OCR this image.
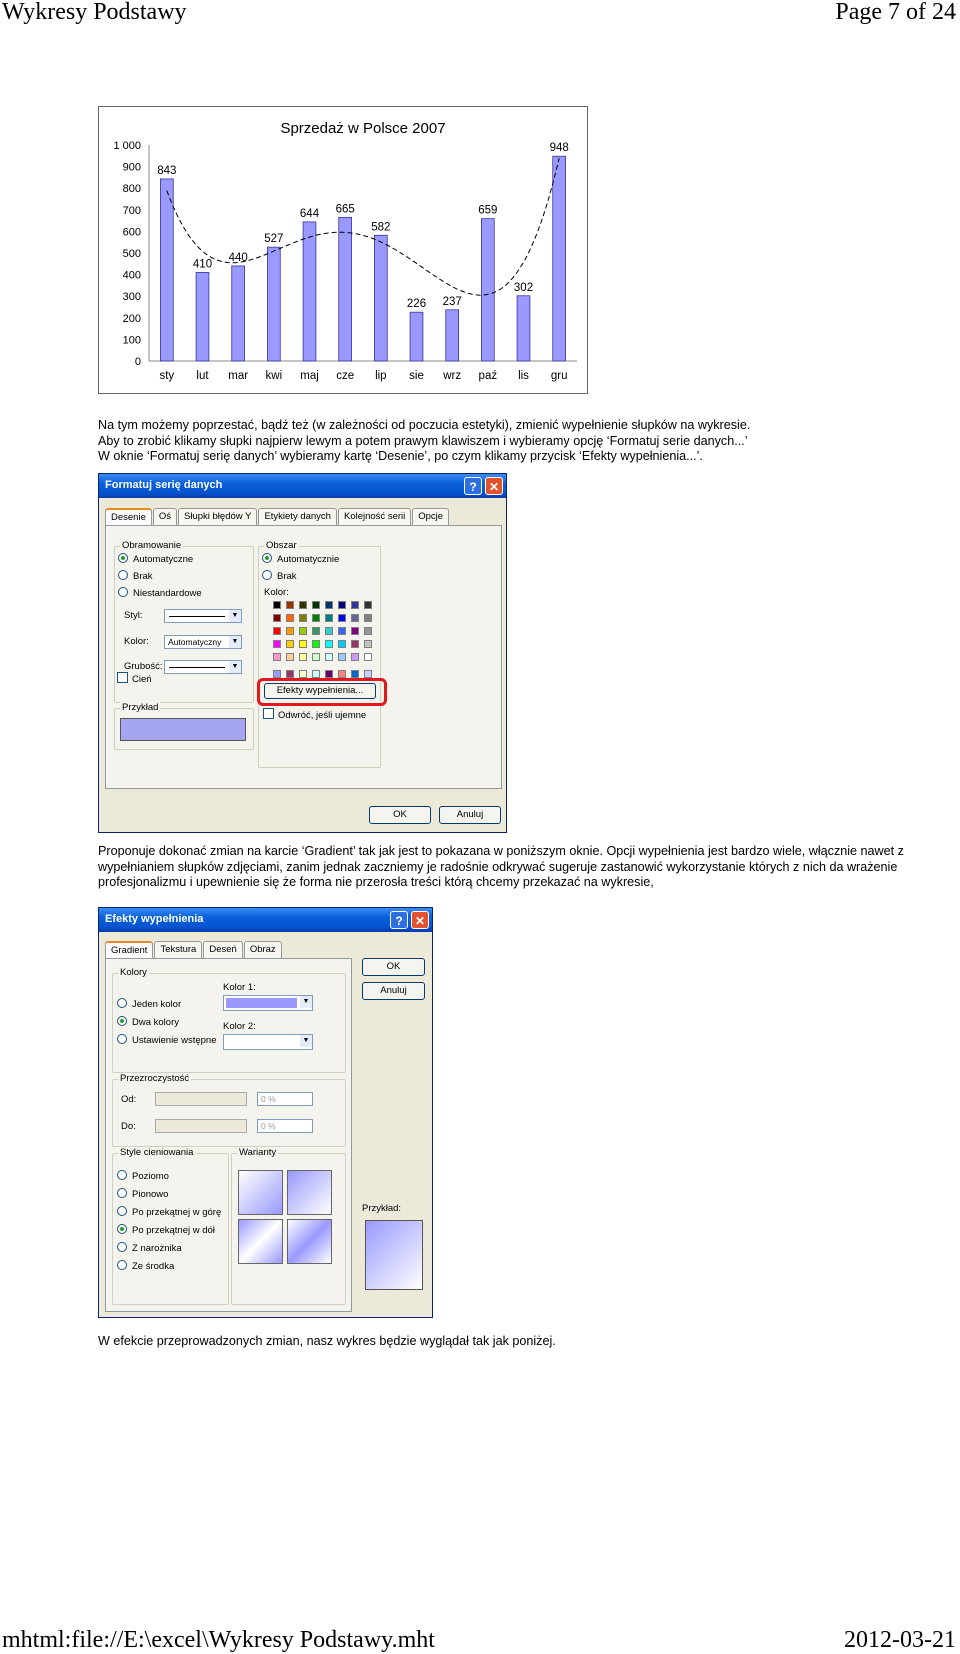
Wykresy Podstawy	Page 7 of 24
mhtml:file://E:\excel\Wykresy Podstawy.mht	2012-03-21
Sprzedaż w Polsce 2007
1 000
900
800
700
600
500
400
300
200
100
0
843
sty
410
lut
440
mar
527
kwi
644
maj
665
cze
582
lip
226
sie
237
wrz
659
paź
302
lis
948
gru
Na tym możemy poprzestać, bądź też (w zależności od poczucia estetyki), zmienić wypełnienie słupków na wykresie.
Aby to zrobić klikamy słupki najpierw lewym a potem prawym klawiszem i wybieramy opcję ‘Formatuj serie danych...’
W oknie ‘Formatuj serię danych’ wybieramy kartę ‘Desenie’, po czym klikamy przycisk ‘Efekty wypełnienia...’.
Formatuj serię danych	?	✕
Desenie	Oś	Słupki błędów Y	Etykiety danych	Kolejność serii	Opcje
Obramowanie
Automatyczne
Brak
Niestandardowe
Styl:	▼
Kolor: Automatyczny	▼
Grubość:	▼
Cień
Przykład
Obszar
Automatycznie
Brak
Kolor:
Efekty wypełnienia...
Odwróć, jeśli ujemne
OK	Anuluj
Proponuje dokonać zmian na karcie ‘Gradient’ tak jak jest to pokazana w poniższym oknie. Opcji wypełnienia jest bardzo wiele, włącznie nawet z
wypełnianiem słupków zdjęciami, zanim jednak zaczniemy je radośnie odkrywać sugeruje zastanowić wykorzystanie których z nich da wrażenie
profesjonalizmu i upewnienie się że forma nie przerosła treści którą chcemy przekazać na wykresie,
Efekty wypełnienia	?	✕
Gradient	Tekstura	Deseń	Obraz
Kolory
Jeden kolor
Dwa kolory
Ustawienie wstępne
Kolor 1:
▼
Kolor 2:
▼
Przezroczystość
Od:	0 %
Do:	0 %
Style cieniowania
Poziomo
Pionowo
Po przekątnej w górę
Po przekątnej w dół
Z narożnika
Ze środka
Warianty
OK
Anuluj
Przykład:
W efekcie przeprowadzonych zmian, nasz wykres będzie wyglądał tak jak poniżej.
